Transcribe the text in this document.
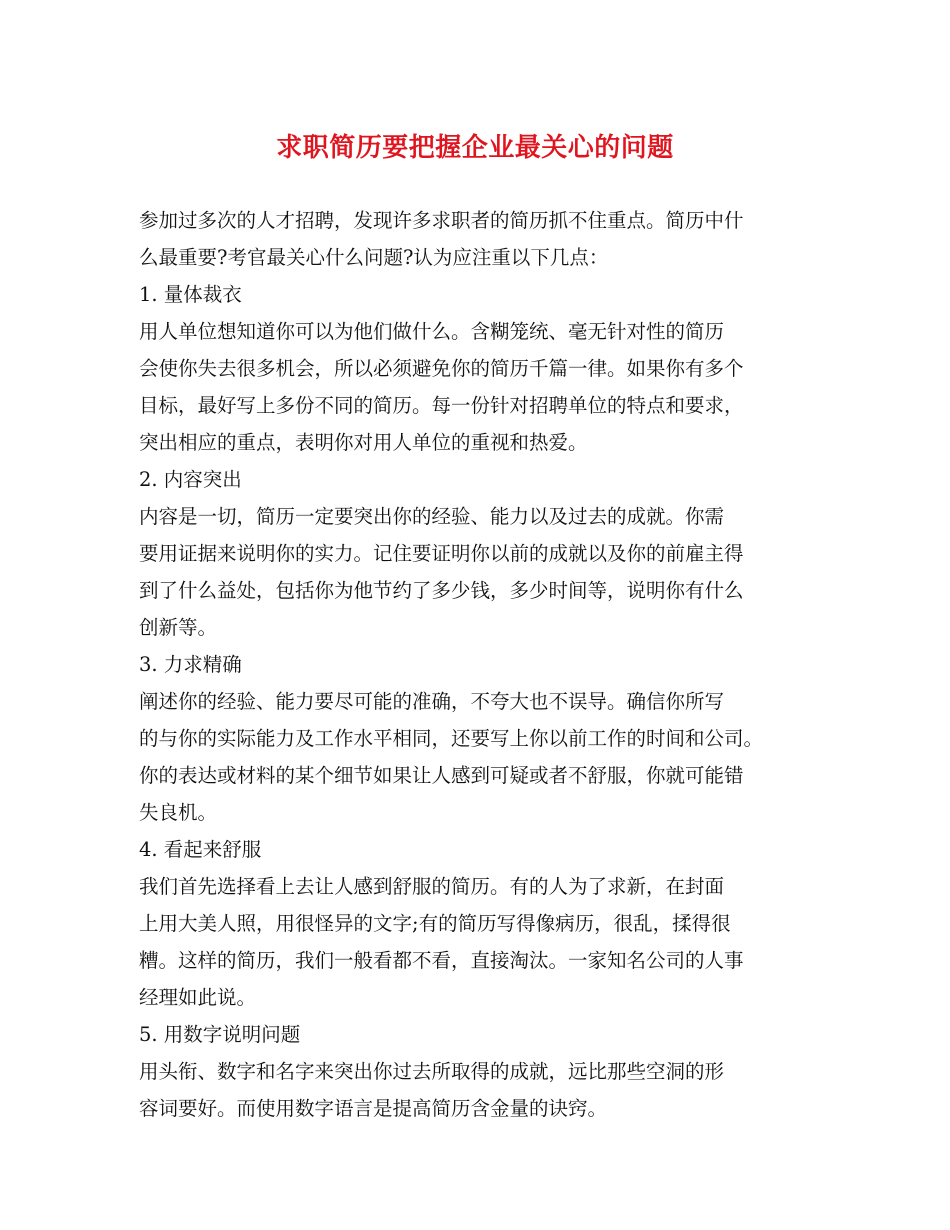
求职简历要把握企业最关心的问题
参加过多次的人才招聘，发现许多求职者的简历抓不住重点。简历中什
么最重要?考官最关心什么问题?认为应注重以下几点：
1. 量体裁衣
用人单位想知道你可以为他们做什么。含糊笼统、毫无针对性的简历
会使你失去很多机会，所以必须避免你的简历千篇一律。如果你有多个
目标，最好写上多份不同的简历。每一份针对招聘单位的特点和要求，
突出相应的重点，表明你对用人单位的重视和热爱。
2. 内容突出
内容是一切，简历一定要突出你的经验、能力以及过去的成就。你需
要用证据来说明你的实力。记住要证明你以前的成就以及你的前雇主得
到了什么益处，包括你为他节约了多少钱，多少时间等，说明你有什么
创新等。
3. 力求精确
阐述你的经验、能力要尽可能的准确，不夸大也不误导。确信你所写
的与你的实际能力及工作水平相同，还要写上你以前工作的时间和公司。
你的表达或材料的某个细节如果让人感到可疑或者不舒服，你就可能错
失良机。
4. 看起来舒服
我们首先选择看上去让人感到舒服的简历。有的人为了求新，在封面
上用大美人照，用很怪异的文字;有的简历写得像病历，很乱，揉得很
糟。这样的简历，我们一般看都不看，直接淘汰。一家知名公司的人事
经理如此说。
5. 用数字说明问题
用头衔、数字和名字来突出你过去所取得的成就，远比那些空洞的形
容词要好。而使用数字语言是提高简历含金量的诀窍。
